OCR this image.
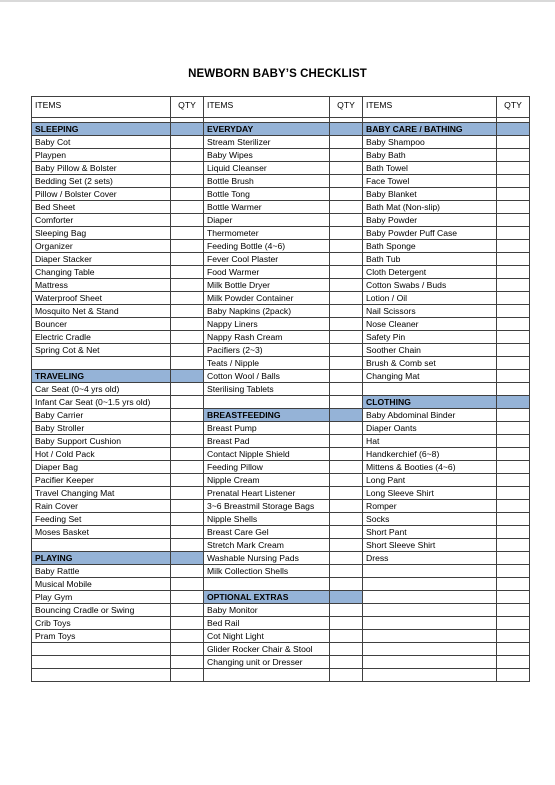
NEWBORN BABY’S CHECKLIST
ITEMS	QTY	ITEMS	QTY	ITEMS	QTY

SLEEPING		EVERYDAY		BABY CARE / BATHING	
Baby Cot		Stream Sterilizer		Baby Shampoo	
Playpen		Baby Wipes		Baby Bath	
Baby Pillow & Bolster		Liquid Cleanser		Bath Towel	
Bedding Set (2 sets)		Bottle Brush		Face Towel	
Pillow / Bolster Cover		Bottle Tong		Baby Blanket	
Bed Sheet		Bottle Warmer		Bath Mat (Non-slip)	
Comforter		Diaper		Baby Powder	
Sleeping Bag		Thermometer		Baby Powder Puff Case	
Organizer		Feeding Bottle (4~6)		Bath Sponge	
Diaper Stacker		Fever Cool Plaster		Bath Tub	
Changing Table		Food Warmer		Cloth Detergent	
Mattress		Milk Bottle Dryer		Cotton Swabs / Buds	
Waterproof Sheet		Milk Powder Container		Lotion / Oil	
Mosquito Net & Stand		Baby Napkins (2pack)		Nail Scissors	
Bouncer		Nappy Liners		Nose Cleaner	
Electric Cradle		Nappy Rash Cream		Safety Pin	
Spring Cot & Net		Pacifiers (2~3)		Soother Chain	
		Teats / Nipple		Brush & Comb set	
TRAVELING		Cotton Wool / Balls		Changing Mat	
Car Seat (0~4 yrs old)		Sterilising Tablets			
Infant Car Seat (0~1.5 yrs old)				CLOTHING	
Baby Carrier		BREASTFEEDING		Baby Abdominal Binder	
Baby Stroller		Breast Pump		Diaper Oants	
Baby Support Cushion		Breast Pad		Hat	
Hot / Cold Pack		Contact Nipple Shield		Handkerchief (6~8)	
Diaper Bag		Feeding Pillow		Mittens & Booties (4~6)	
Pacifier Keeper		Nipple Cream		Long Pant	
Travel Changing Mat		Prenatal Heart Listener		Long Sleeve Shirt	
Rain Cover		3~6 Breastmil Storage Bags		Romper	
Feeding Set		Nipple Shells		Socks	
Moses Basket		Breast Care Gel		Short Pant	
		Stretch Mark Cream		Short Sleeve Shirt	
PLAYING		Washable Nursing Pads		Dress	
Baby Rattle		Milk Collection Shells			
Musical Mobile					
Play Gym		OPTIONAL EXTRAS			
Bouncing Cradle or Swing		Baby Monitor			
Crib Toys		Bed Rail			
Pram Toys		Cot Night Light			
		Glider Rocker Chair & Stool			
		Changing unit or Dresser			
